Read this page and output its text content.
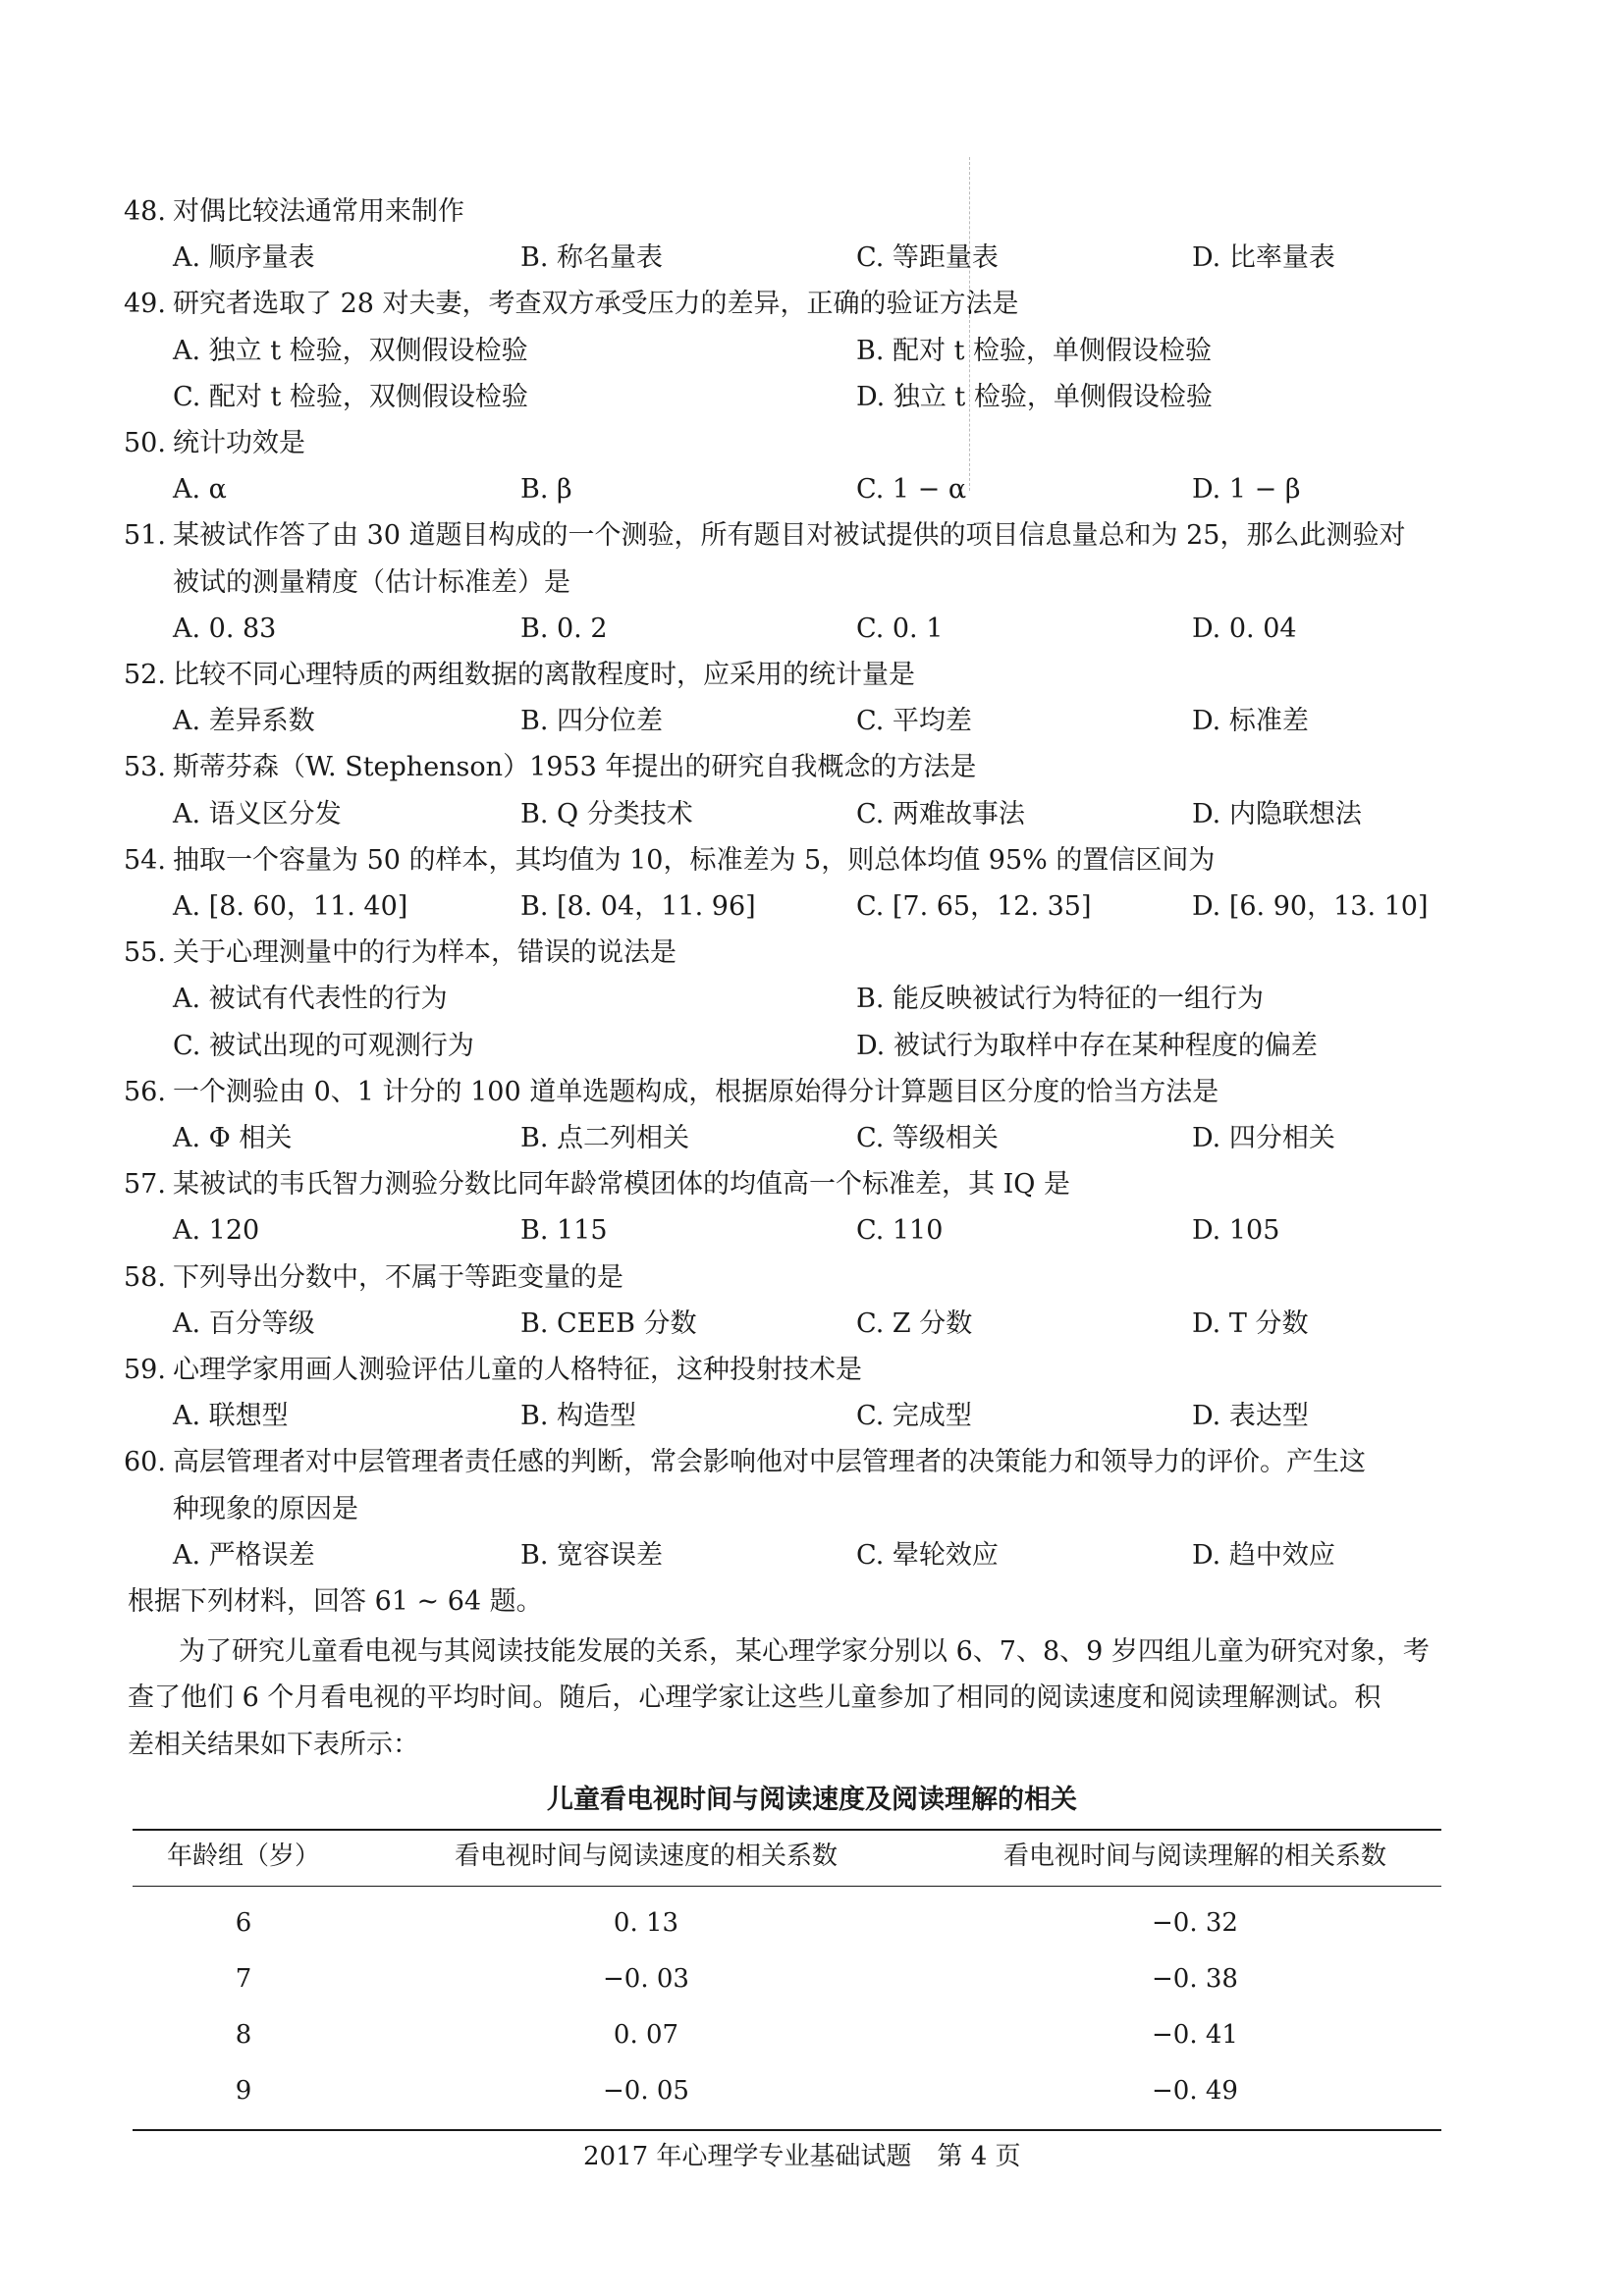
48. 对偶比较法通常用来制作
A. 顺序量表	B. 称名量表	C. 等距量表	D. 比率量表
49. 研究者选取了 28 对夫妻，考查双方承受压力的差异，正确的验证方法是
A. 独立 t 检验，双侧假设检验	B. 配对 t 检验，单侧假设检验
C. 配对 t 检验，双侧假设检验	D. 独立 t 检验，单侧假设检验
50. 统计功效是
A. α	B. β	C. 1 − α	D. 1 − β
51. 某被试作答了由 30 道题目构成的一个测验，所有题目对被试提供的项目信息量总和为 25，那么此测验对
被试的测量精度（估计标准差）是
A. 0. 83	B. 0. 2	C. 0. 1	D. 0. 04
52. 比较不同心理特质的两组数据的离散程度时，应采用的统计量是
A. 差异系数	B. 四分位差	C. 平均差	D. 标准差
53. 斯蒂芬森（W. Stephenson）1953 年提出的研究自我概念的方法是
A. 语义区分发	B. Q 分类技术	C. 两难故事法	D. 内隐联想法
54. 抽取一个容量为 50 的样本，其均值为 10，标准差为 5，则总体均值 95% 的置信区间为
A. [8. 60，11. 40]	B. [8. 04，11. 96]	C. [7. 65，12. 35]	D. [6. 90，13. 10]
55. 关于心理测量中的行为样本，错误的说法是
A. 被试有代表性的行为	B. 能反映被试行为特征的一组行为
C. 被试出现的可观测行为	D. 被试行为取样中存在某种程度的偏差
56. 一个测验由 0、1 计分的 100 道单选题构成，根据原始得分计算题目区分度的恰当方法是
A. Φ 相关	B. 点二列相关	C. 等级相关	D. 四分相关
57. 某被试的韦氏智力测验分数比同年龄常模团体的均值高一个标准差，其 IQ 是
A. 120	B. 115	C. 110	D. 105
58. 下列导出分数中，不属于等距变量的是
A. 百分等级	B. CEEB 分数	C. Z 分数	D. T 分数
59. 心理学家用画人测验评估儿童的人格特征，这种投射技术是
A. 联想型	B. 构造型	C. 完成型	D. 表达型
60. 高层管理者对中层管理者责任感的判断，常会影响他对中层管理者的决策能力和领导力的评价。产生这
种现象的原因是
A. 严格误差	B. 宽容误差	C. 晕轮效应	D. 趋中效应
根据下列材料，回答 61 ~ 64 题。
为了研究儿童看电视与其阅读技能发展的关系，某心理学家分别以 6、7、8、9 岁四组儿童为研究对象，考
查了他们 6 个月看电视的平均时间。随后，心理学家让这些儿童参加了相同的阅读速度和阅读理解测试。积
差相关结果如下表所示：
儿童看电视时间与阅读速度及阅读理解的相关
年龄组（岁）	看电视时间与阅读速度的相关系数	看电视时间与阅读理解的相关系数
6	0. 13	−0. 32
7	−0. 03	−0. 38
8	0. 07	−0. 41
9	−0. 05	−0. 49
2017 年心理学专业基础试题　第 4 页
